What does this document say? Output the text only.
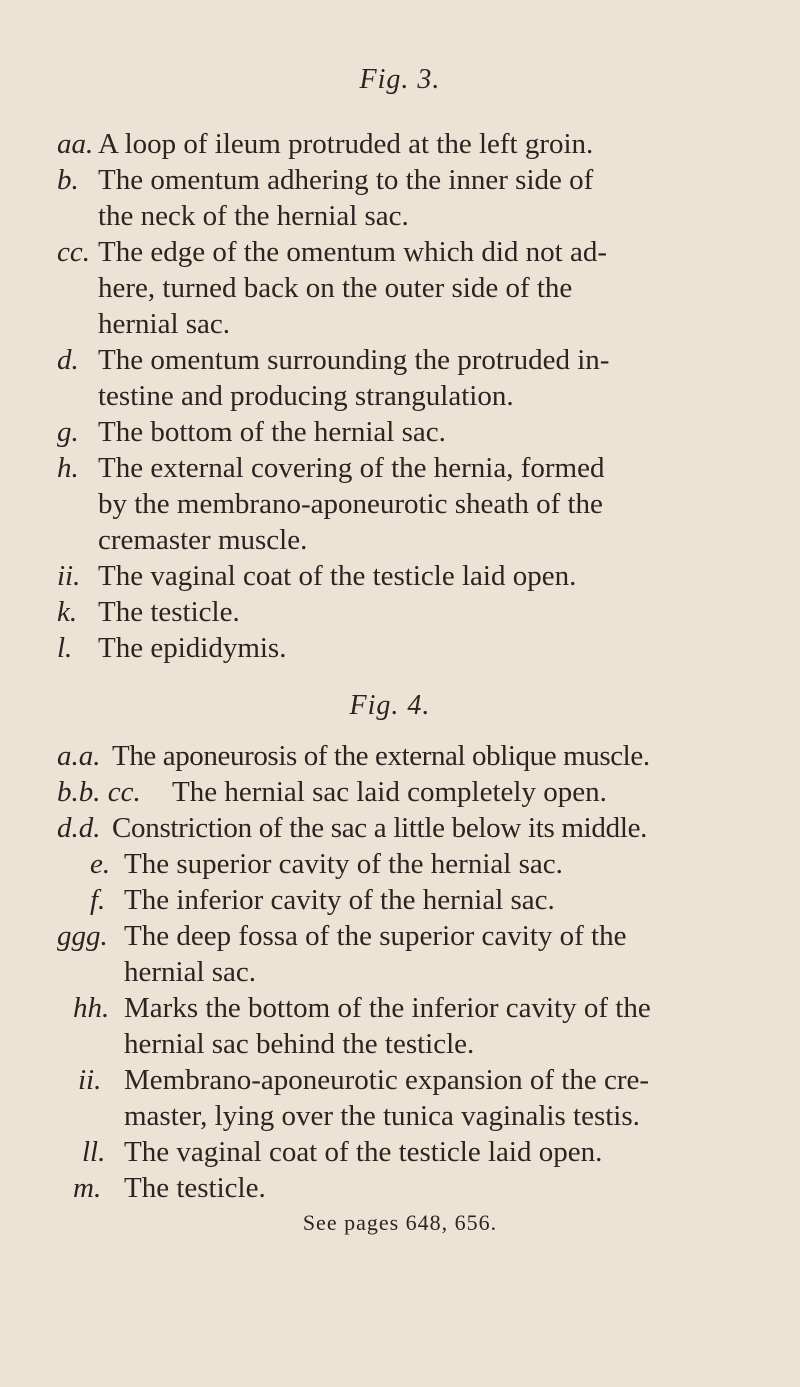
Fig. 3.
aa. A loop of ileum protruded at the left groin.
b. The omentum adhering to the inner side of
the neck of the hernial sac.
cc. The edge of the omentum which did not ad-
here, turned back on the outer side of the
hernial sac.
d. The omentum surrounding the protruded in-
testine and producing strangulation.
g. The bottom of the hernial sac.
h. The external covering of the hernia, formed
by the membrano-aponeurotic sheath of the
cremaster muscle.
ii. The vaginal coat of the testicle laid open.
k. The testicle.
l. The epididymis.
Fig. 4.
a.a. The aponeurosis of the external oblique muscle.
b.b. cc. The hernial sac laid completely open.
d.d. Constriction of the sac a little below its middle.
e. The superior cavity of the hernial sac.
f. The inferior cavity of the hernial sac.
ggg. The deep fossa of the superior cavity of the
hernial sac.
hh. Marks the bottom of the inferior cavity of the
hernial sac behind the testicle.
ii. Membrano-aponeurotic expansion of the cre-
master, lying over the tunica vaginalis testis.
ll. The vaginal coat of the testicle laid open.
m. The testicle.
See pages 648, 656.
